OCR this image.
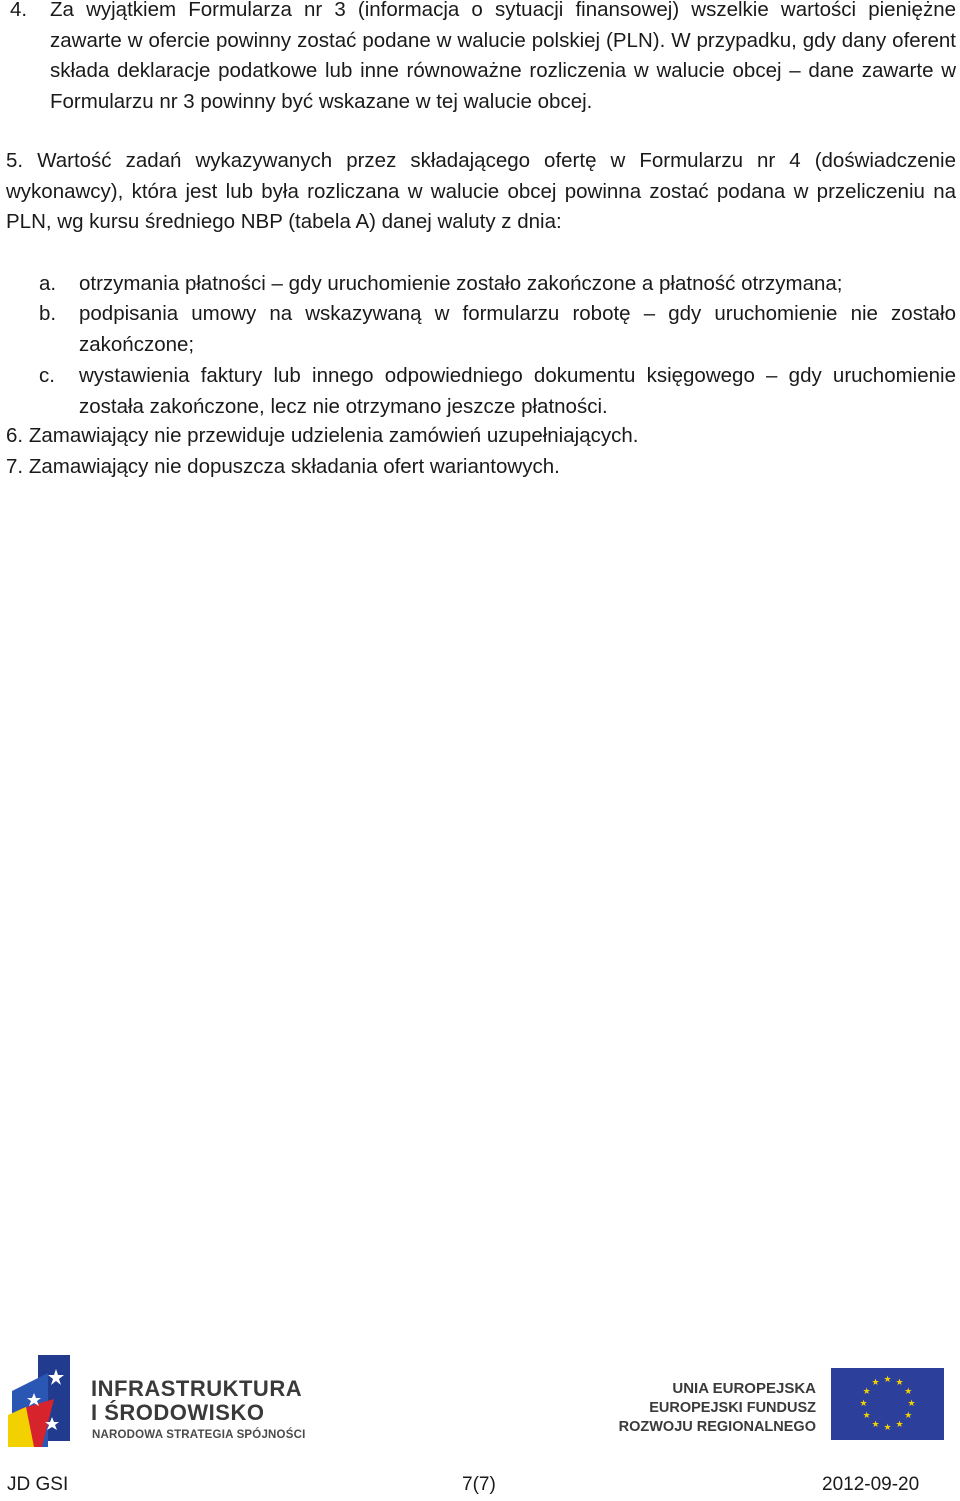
4.	Za wyjątkiem Formularza nr 3 (informacja o sytuacji finansowej) wszelkie wartości pieniężne zawarte w ofercie powinny zostać podane w walucie polskiej (PLN). W przypadku, gdy dany oferent składa deklaracje podatkowe lub inne równoważne rozliczenia w walucie obcej – dane zawarte w Formularzu nr 3 powinny być wskazane w tej walucie obcej.
5. Wartość zadań wykazywanych przez składającego ofertę w Formularzu nr 4 (doświadczenie wykonawcy), która jest lub była rozliczana w walucie obcej powinna zostać podana w przeliczeniu na PLN, wg kursu średniego NBP (tabela A) danej waluty z dnia:
a.	otrzymania płatności – gdy uruchomienie zostało zakończone a płatność otrzymana;
b.	podpisania umowy na wskazywaną w formularzu robotę – gdy uruchomienie nie zostało zakończone;
c.	wystawienia faktury lub innego odpowiedniego dokumentu księgowego – gdy uruchomienie została zakończone, lecz nie otrzymano jeszcze płatności.
6. Zamawiający nie przewiduje udzielenia zamówień uzupełniających.
7. Zamawiający nie dopuszcza składania ofert wariantowych.
INFRASTRUKTURA
I ŚRODOWISKO
NARODOWA STRATEGIA SPÓJNOŚCI
UNIA EUROPEJSKA
EUROPEJSKI FUNDUSZ
ROZWOJU REGIONALNEGO
★ ★
★
★
★
★
★
★
★
★
★
★
JD GSI	7(7)	2012-09-20
